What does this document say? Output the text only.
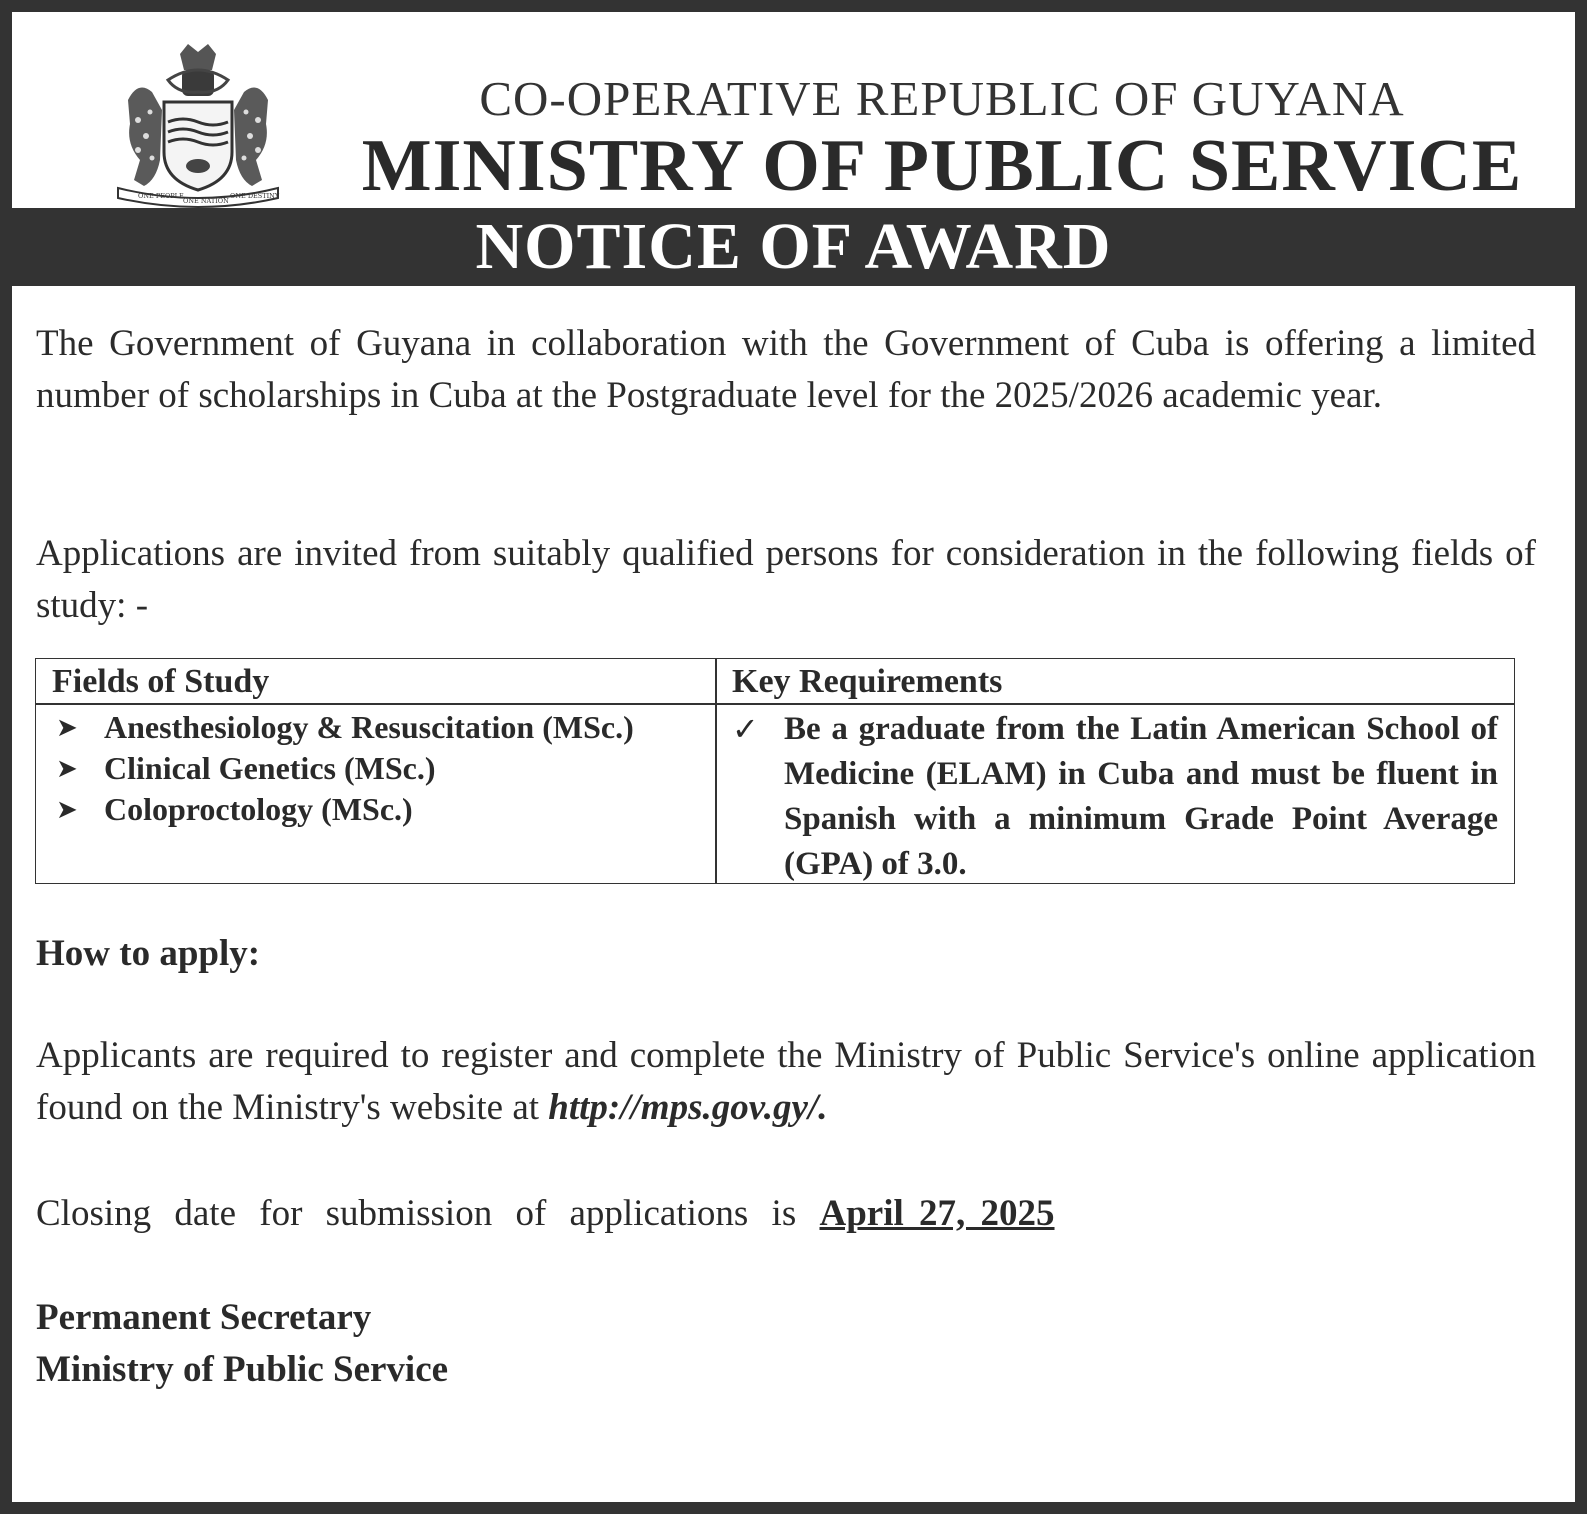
ONE PEOPLE
ONE NATION
ONE DESTINY
CO-OPERATIVE REPUBLIC OF GUYANA
MINISTRY OF PUBLIC SERVICE
NOTICE OF AWARD
The Government of Guyana in collaboration with the Government of Cuba is offering a limited number of scholarships in Cuba at the Postgraduate level for the 2025/2026 academic year.
Applications are invited from suitably qualified persons for consideration in the following fields of study: -
Fields of Study	Key Requirements
➤ Anesthesiology & Resuscitation (MSc.)
➤ Clinical Genetics (MSc.)
➤ Coloproctology (MSc.)
✓ Be a graduate from the Latin American School of Medicine (ELAM) in Cuba and must be fluent in Spanish with a minimum Grade Point Average (GPA) of 3.0.
How to apply:
Applicants are required to register and complete the Ministry of Public Service's online application found on the Ministry's website at http://mps.gov.gy/.
Closing date for submission of applications is April 27, 2025
Permanent Secretary
Ministry of Public Service
